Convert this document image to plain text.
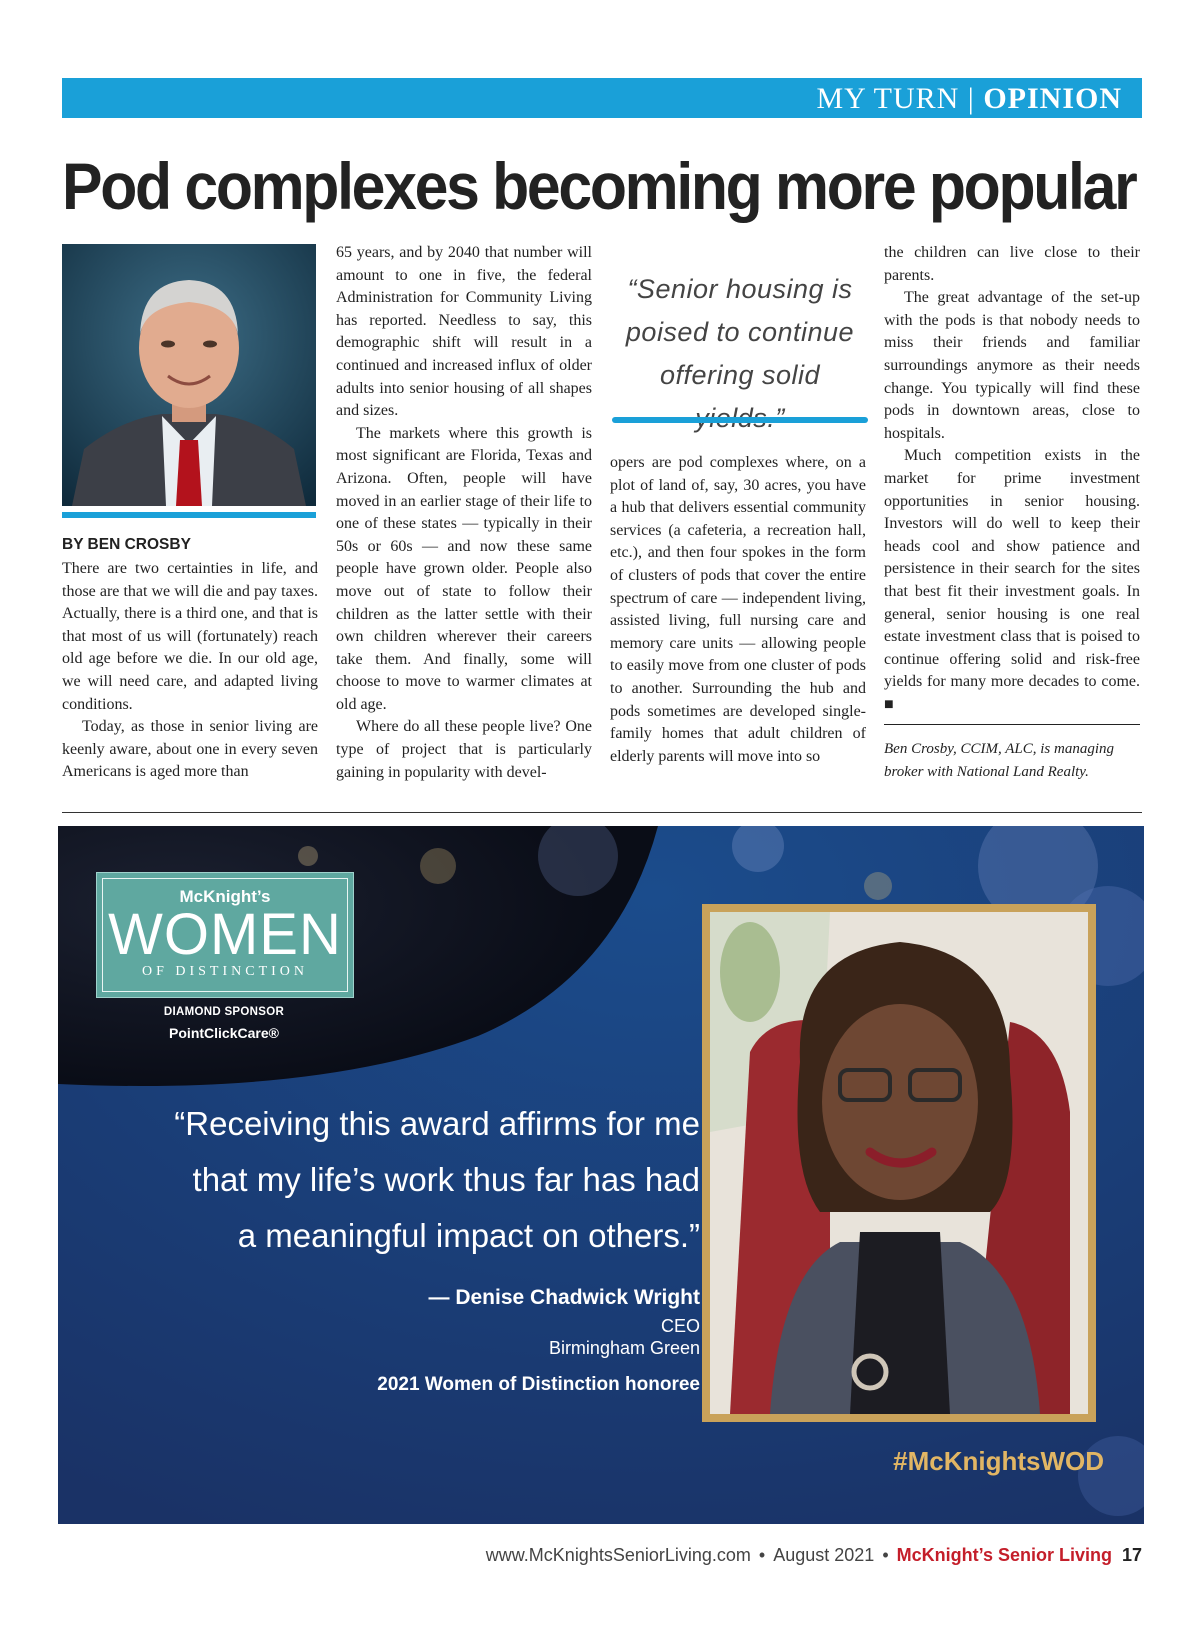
MY TURN | OPINION
Pod complexes becoming more popular
BY BEN CROSBY

There are two certainties in life, and those are that we will die and pay taxes. Actually, there is a third one, and that is that most of us will (fortunately) reach old age before we die. In our old age, we will need care, and adapted living conditions.

Today, as those in senior living are keenly aware, about one in every seven Americans is aged more than

65 years, and by 2040 that number will amount to one in five, the federal Administration for Community Living has reported. Needless to say, this demographic shift will result in a continued and increased influx of older adults into senior housing of all shapes and sizes.

The markets where this growth is most significant are Florida, Texas and Arizona. Often, people will have moved in an earlier stage of their life to one of these states — typically in their 50s or 60s — and now these same people have grown older. People also move out of state to follow their children as the latter settle with their own children wherever their careers take them. And finally, some will choose to move to warmer climates at old age.

Where do all these people live? One type of project that is particularly gaining in popularity with devel-

“Senior housing is poised to continue offering solid

opers are pod complexes where, on a plot of land of, say, 30 acres, you have a hub that delivers essential community services (a cafeteria, a recreation hall, etc.), and then four spokes in the form of clusters of pods that cover the entire spectrum of care — independent living, assisted living, full nursing care and memory care units — allowing people to easily move from one cluster of pods to another. Surrounding the hub and pods sometimes are developed single-family homes that adult children of elderly parents will move into so

the children can live close to their parents.

The great advantage of the set-up with the pods is that nobody needs to miss their friends and familiar surroundings anymore as their needs change. You typically will find these pods in downtown areas, close to hospitals.

Much competition exists in the market for prime investment opportunities in senior housing. Investors will do well to keep their heads cool and show patience and persistence in their search for the sites that best fit their investment goals. In general, senior housing is one real estate investment class that is poised to continue offering solid and risk-free yields for many more decades to come. ■

Ben Crosby, CCIM, ALC, is managing broker with National Land Realty.
McKnight’s
WOMEN
OF DISTINCTION
DIAMOND SPONSOR
PointClickCare®
“Receiving this award affirms for me
that my life’s work thus far has had
a meaningful impact on others.”
— Denise Chadwick Wright
CEO
Birmingham Green
2021 Women of Distinction honoree
#McKnightsWOD
www.McKnightsSeniorLiving.com • August 2021 • McKnight’s Senior Living 17
